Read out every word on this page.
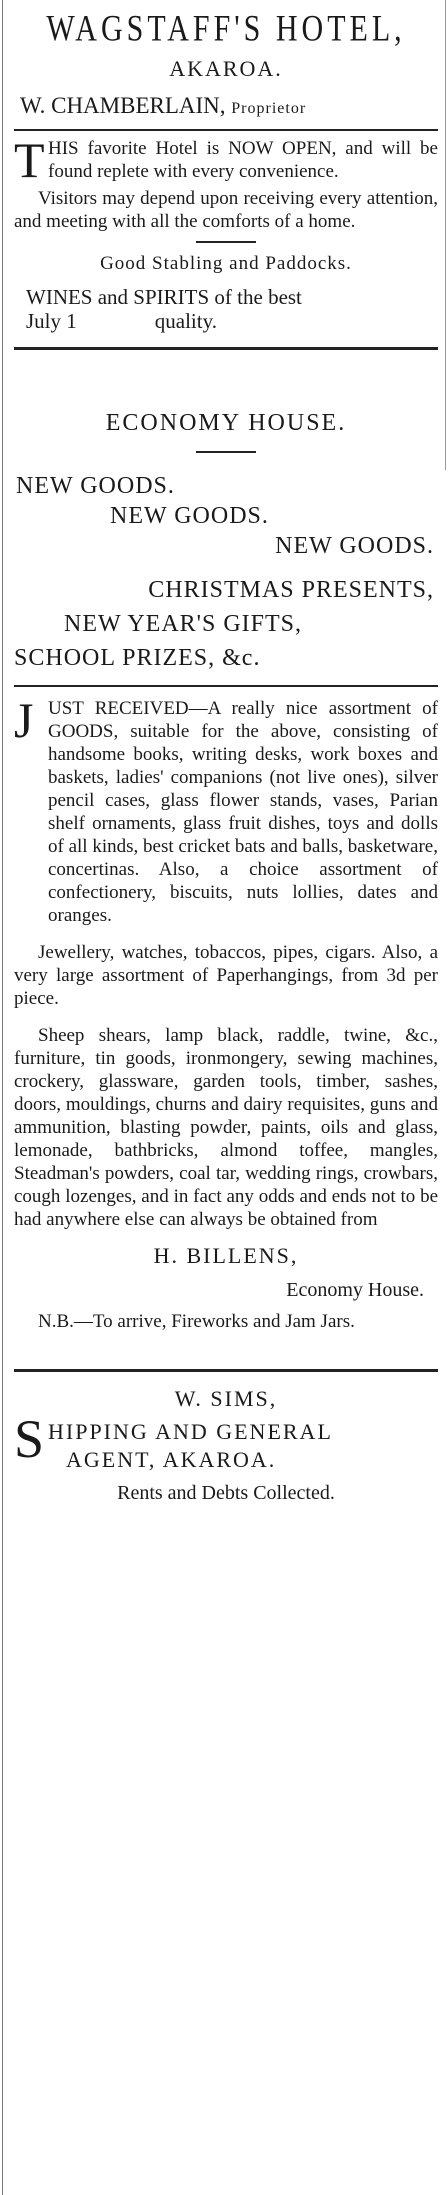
WAGSTAFF'S HOTEL,
AKAROA.
W. CHAMBERLAIN, Proprietor
T HIS favorite Hotel is NOW OPEN, and will be found replete with every convenience.
Visitors may depend upon receiving every attention, and meeting with all the comforts of a home.
Good Stabling and Paddocks.
WINES and SPIRITS of the best
July 1	quality.
ECONOMY HOUSE.
NEW GOODS.
NEW GOODS.
NEW GOODS.
CHRISTMAS PRESENTS,
NEW YEAR'S GIFTS,
SCHOOL PRIZES, &c.
J UST RECEIVED—A really nice assortment of GOODS, suitable for the above, consisting of handsome books, writing desks, work boxes and baskets, ladies' companions (not live ones), silver pencil cases, glass flower stands, vases, Parian shelf ornaments, glass fruit dishes, toys and dolls of all kinds, best cricket bats and balls, basketware, concertinas. Also, a choice assortment of confectionery, biscuits, nuts lollies, dates and oranges.
Jewellery, watches, tobaccos, pipes, cigars. Also, a very large assortment of Paperhangings, from 3d per piece.
Sheep shears, lamp black, raddle, twine, &c., furniture, tin goods, ironmongery, sewing machines, crockery, glassware, garden tools, timber, sashes, doors, mouldings, churns and dairy requisites, guns and ammunition, blasting powder, paints, oils and glass, lemonade, bathbricks, almond toffee, mangles, Steadman's powders, coal tar, wedding rings, crowbars, cough lozenges, and in fact any odds and ends not to be had anywhere else can always be obtained from
H. BILLENS,
Economy House.
N.B.—To arrive, Fireworks and Jam Jars.
W. SIMS,
S HIPPING AND GENERAL
AGENT, AKAROA.
Rents and Debts Collected.
